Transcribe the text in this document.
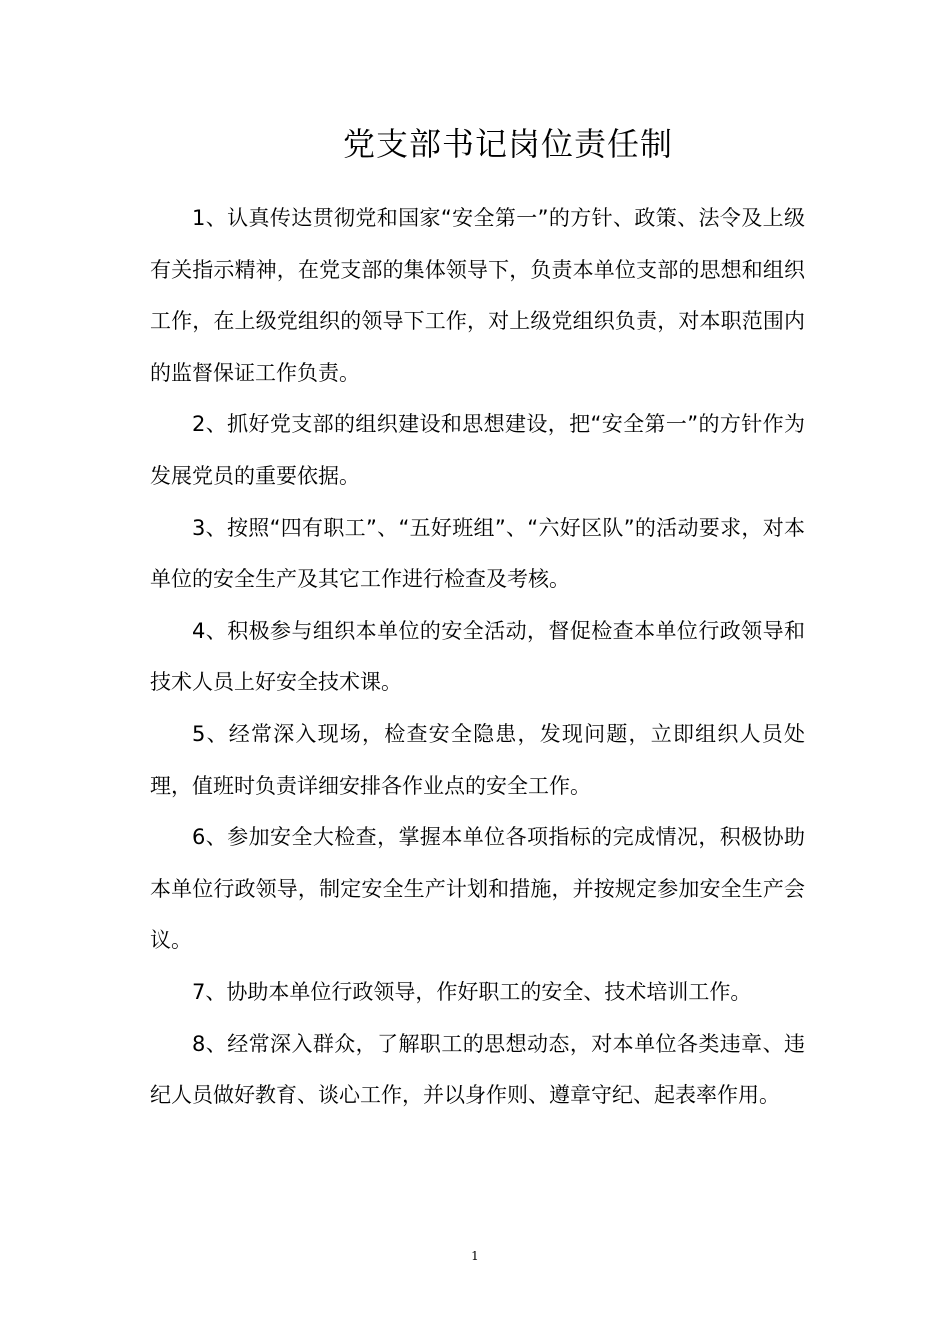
党支部书记岗位责任制

1、认真传达贯彻党和国家“安全第一”的方针、政策、法令及上级有关指示精神，在党支部的集体领导下，负责本单位支部的思想和组织工作，在上级党组织的领导下工作，对上级党组织负责，对本职范围内的监督保证工作负责。

2、抓好党支部的组织建设和思想建设，把“安全第一”的方针作为发展党员的重要依据。

3、按照“四有职工”、“五好班组”、“六好区队”的活动要求，对本单位的安全生产及其它工作进行检查及考核。

4、积极参与组织本单位的安全活动，督促检查本单位行政领导和技术人员上好安全技术课。

5、经常深入现场，检查安全隐患，发现问题，立即组织人员处理，值班时负责详细安排各作业点的安全工作。

6、参加安全大检查，掌握本单位各项指标的完成情况，积极协助本单位行政领导，制定安全生产计划和措施，并按规定参加安全生产会议。

7、协助本单位行政领导，作好职工的安全、技术培训工作。

8、经常深入群众，了解职工的思想动态，对本单位各类违章、违纪人员做好教育、谈心工作，并以身作则、遵章守纪、起表率作用。

1
